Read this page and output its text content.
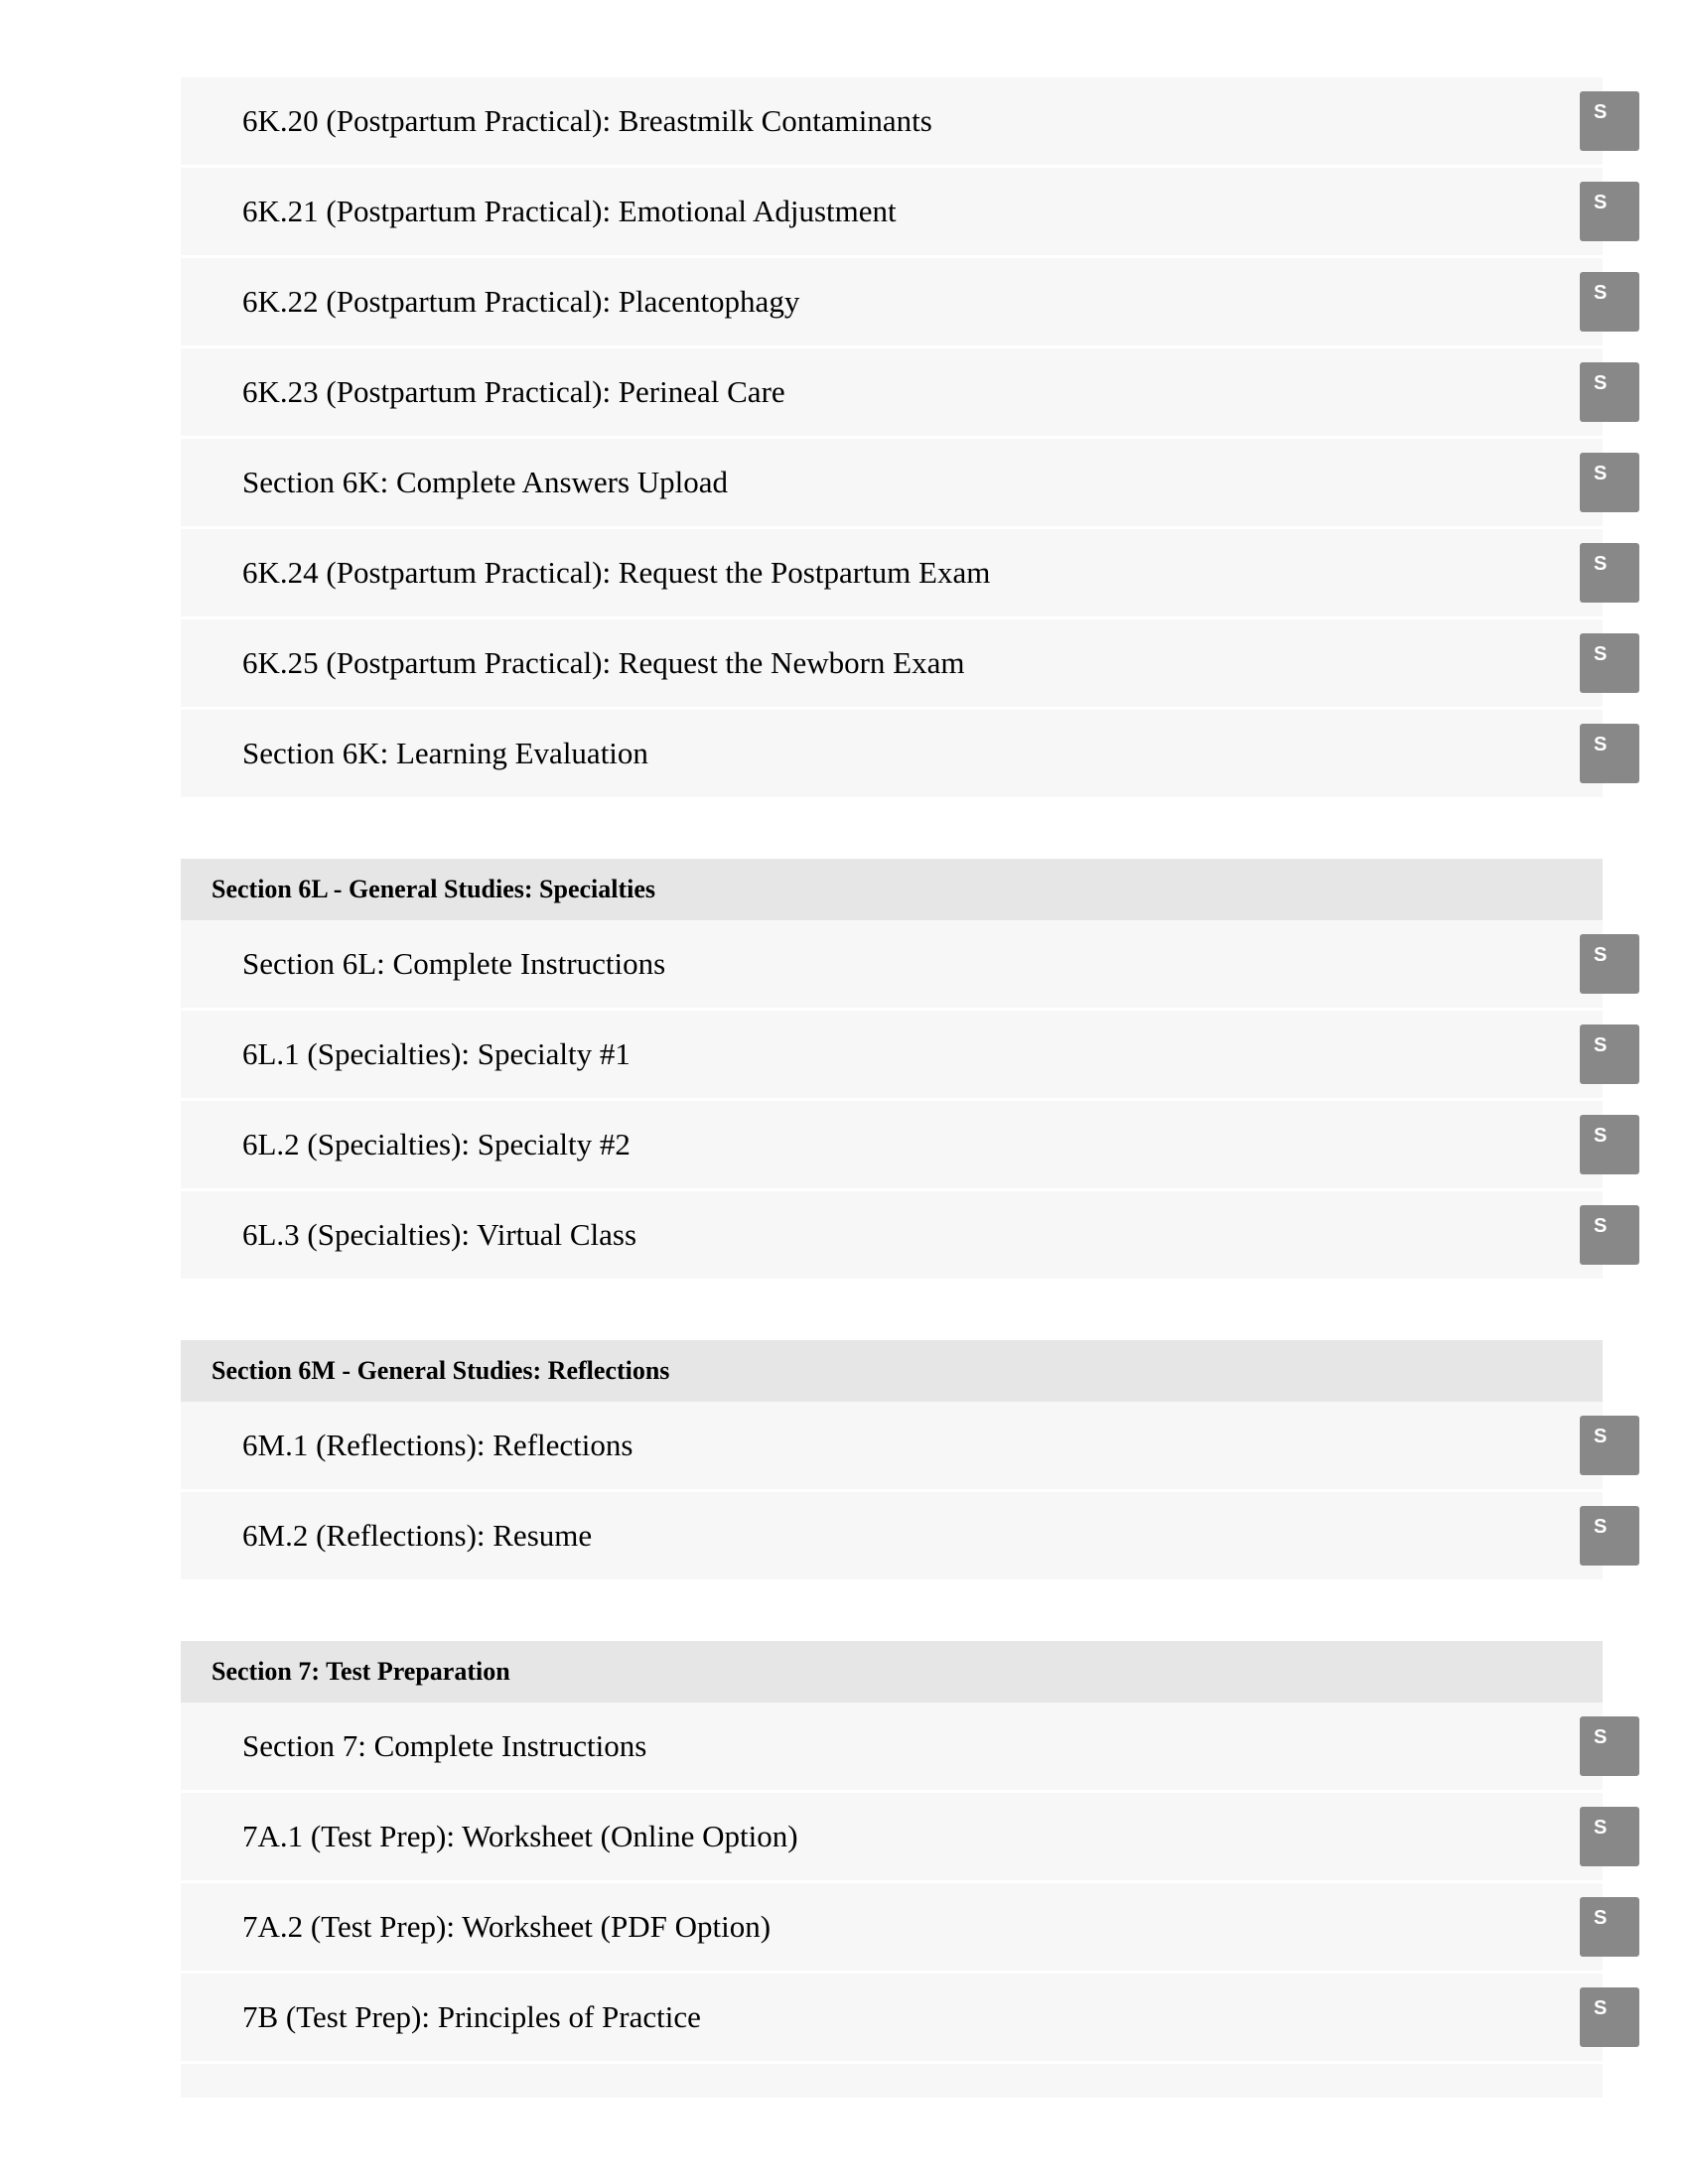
6K.20 (Postpartum Practical): Breastmilk Contaminants	S
6K.21 (Postpartum Practical): Emotional Adjustment	S
6K.22 (Postpartum Practical): Placentophagy	S
6K.23 (Postpartum Practical): Perineal Care	S
Section 6K: Complete Answers Upload	S
6K.24 (Postpartum Practical): Request the Postpartum Exam	S
6K.25 (Postpartum Practical): Request the Newborn Exam	S
Section 6K: Learning Evaluation	S
Section 6L - General Studies: Specialties
Section 6L: Complete Instructions	S
6L.1 (Specialties): Specialty #1	S
6L.2 (Specialties): Specialty #2	S
6L.3 (Specialties): Virtual Class	S
Section 6M - General Studies: Reflections
6M.1 (Reflections): Reflections	S
6M.2 (Reflections): Resume	S
Section 7: Test Preparation
Section 7: Complete Instructions	S
7A.1 (Test Prep): Worksheet (Online Option)	S
7A.2 (Test Prep): Worksheet (PDF Option)	S
7B (Test Prep): Principles of Practice	S
